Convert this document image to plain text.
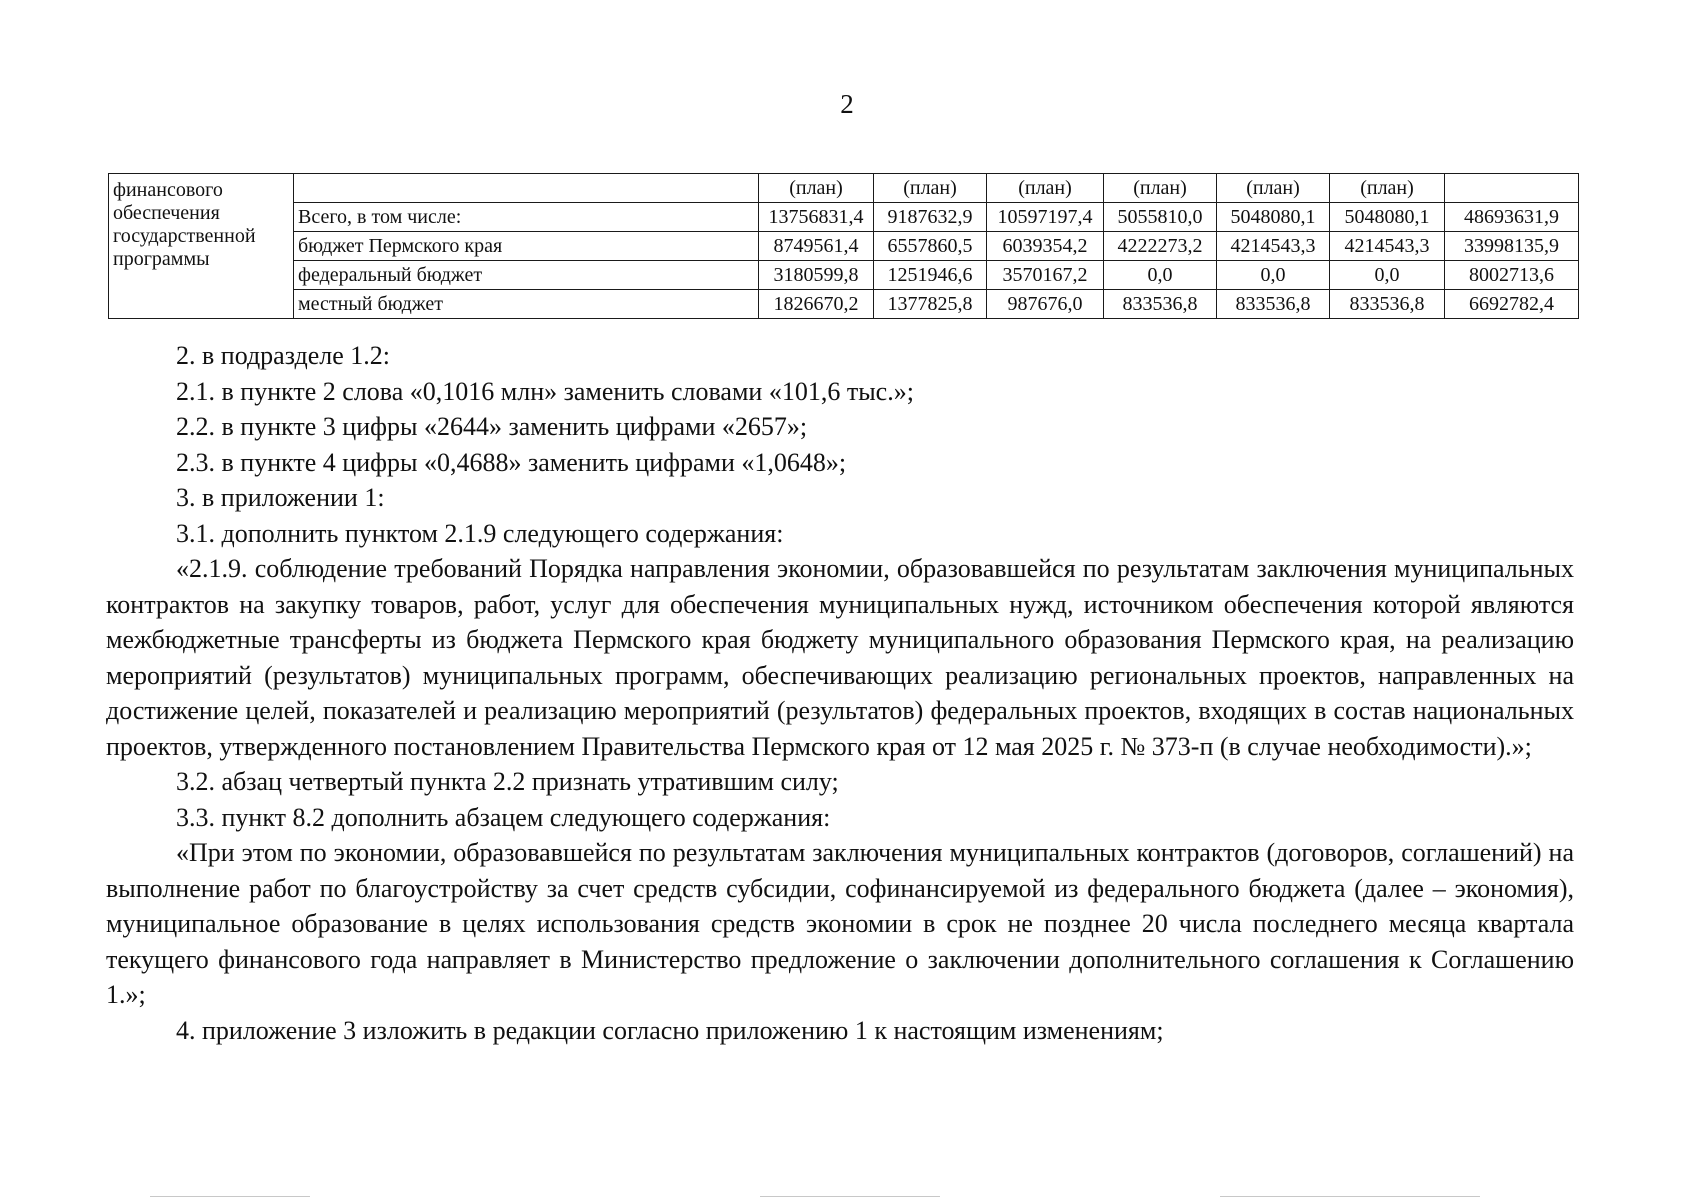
2
финансового обеспечения государственной программы		(план)	(план)	(план)	(план)	(план)	(план)	
	Всего, в том числе:	13756831,4	9187632,9	10597197,4	5055810,0	5048080,1	5048080,1	48693631,9
	бюджет Пермского края	8749561,4	6557860,5	6039354,2	4222273,2	4214543,3	4214543,3	33998135,9
	федеральный бюджет	3180599,8	1251946,6	3570167,2	0,0	0,0	0,0	8002713,6
	местный бюджет	1826670,2	1377825,8	987676,0	833536,8	833536,8	833536,8	6692782,4

2. в подразделе 1.2:

2.1. в пункте 2 слова «0,1016 млн» заменить словами «101,6 тыс.»;

2.2. в пункте 3 цифры «2644» заменить цифрами «2657»;

2.3. в пункте 4 цифры «0,4688» заменить цифрами «1,0648»;

3. в приложении 1:

3.1. дополнить пунктом 2.1.9 следующего содержания:

«2.1.9. соблюдение требований Порядка направления экономии, образовавшейся по результатам заключения муниципальных контрактов на закупку товаров, работ, услуг для обеспечения муниципальных нужд, источником обеспечения которой являются межбюджетные трансферты из бюджета Пермского края бюджету муниципального образования Пермского края, на реализацию мероприятий (результатов) муниципальных программ, обеспечивающих реализацию региональных проектов, направленных на достижение целей, показателей и реализацию мероприятий (результатов) федеральных проектов, входящих в состав национальных проектов, утвержденного постановлением Правительства Пермского края от 12 мая 2025 г. № 373-п (в случае необходимости).»;

3.2. абзац четвертый пункта 2.2 признать утратившим силу;

3.3. пункт 8.2 дополнить абзацем следующего содержания:

«При этом по экономии, образовавшейся по результатам заключения муниципальных контрактов (договоров, соглашений) на выполнение работ по благоустройству за счет средств субсидии, софинансируемой из федерального бюджета (далее – экономия), муниципальное образование в целях использования средств экономии в срок не позднее 20 числа последнего месяца квартала текущего финансового года направляет в Министерство предложение о заключении дополнительного соглашения к Соглашению 1.»;

4. приложение 3 изложить в редакции согласно приложению 1 к настоящим изменениям;
